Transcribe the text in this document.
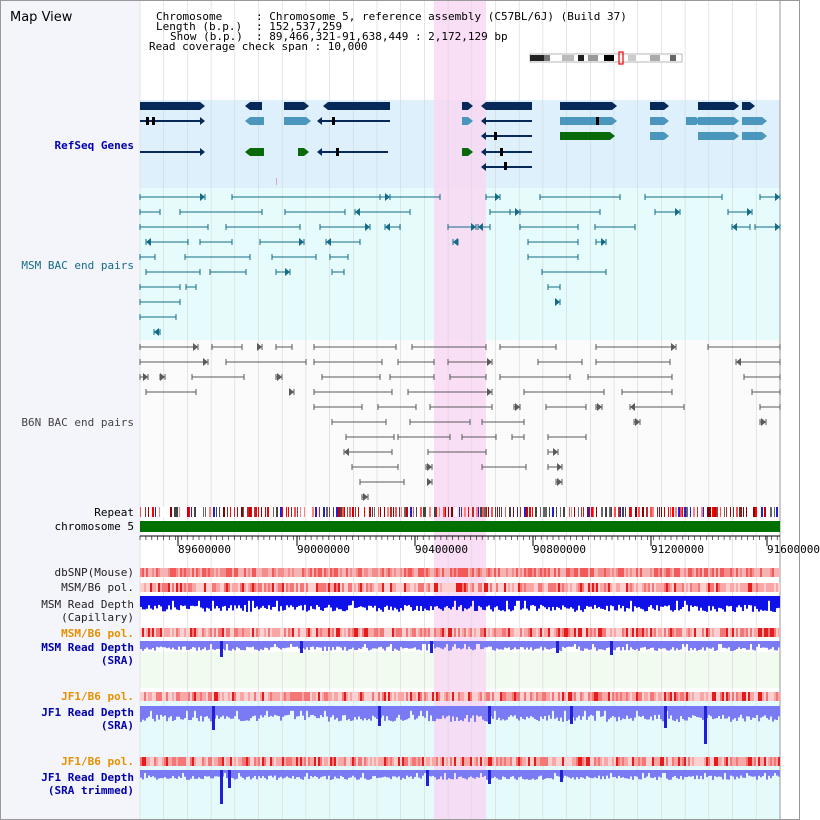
Map View	Chromosome	: Chromosome 5, reference assembly (C57BL/6J) (Build 37)
Length (b.p.) : 152,537,259
Show (b.p.) : 89,466,321-91,638,449 : 2,172,129 bp
Read coverage check span : 10,000
RefSeq Genes
MSM BAC end pairs
B6N BAC end pairs
Repeat
chromosome 5
dbSNP(Mouse)
MSM/B6 pol.
MSM Read Depth
(Capillary)
MSM/B6 pol.
MSM Read Depth
(SRA)
JF1/B6 pol.
JF1 Read Depth
(SRA)
JF1/B6 pol.
JF1 Read Depth
(SRA trimmed)
89600000	90000000	90400000	90800000	91200000	91600000
